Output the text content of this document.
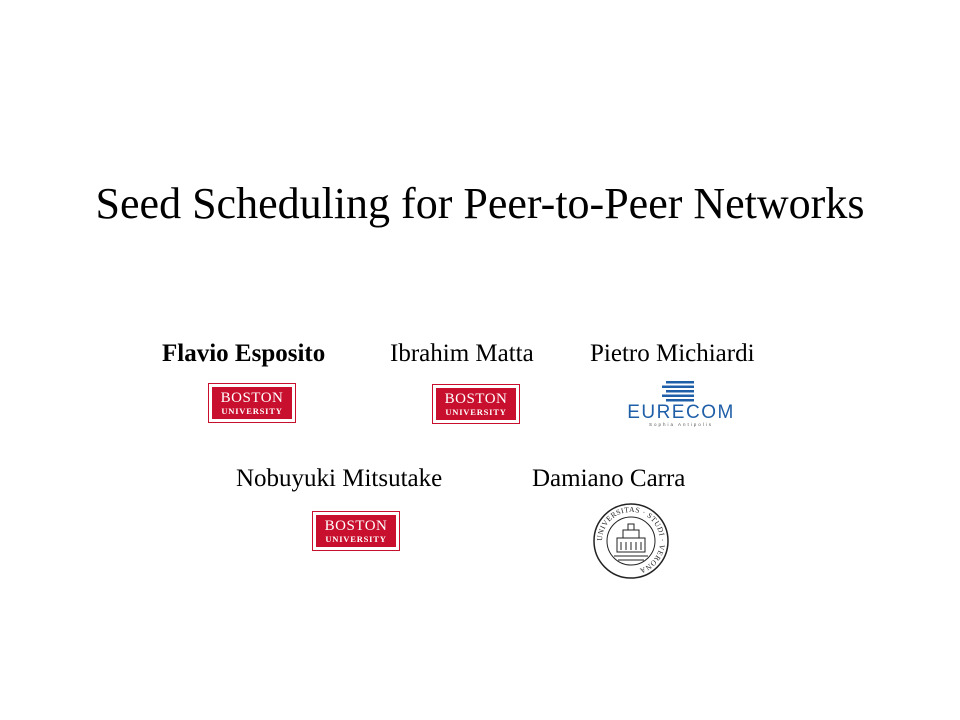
Seed Scheduling for Peer-to-Peer Networks
Flavio Esposito	Ibrahim Matta Pietro Michiardi
Nobuyuki Mitsutake	Damiano Carra
BOSTON
UNIVERSITY
BOSTON
UNIVERSITY
BOSTON
UNIVERSITY
EURECOM
Sophia Antipolis
UNIVERSITAS · STUDI · VERONA
